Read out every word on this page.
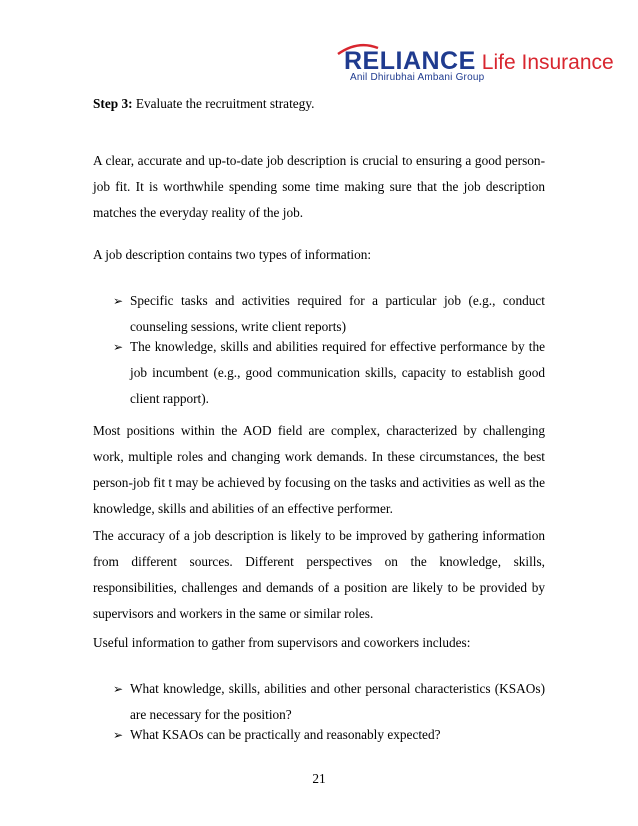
RELIANCE Life Insurance
Anil Dhirubhai Ambani Group
Step 3: Evaluate the recruitment strategy.
A clear, accurate and up-to-date job description is crucial to ensuring a good person-job fit. It is worthwhile spending some time making sure that the job description matches the everyday reality of the job.
A job description contains two types of information:
➢ Specific tasks and activities required for a particular job (e.g., conduct counseling sessions, write client reports)
➢ The knowledge, skills and abilities required for effective performance by the job incumbent (e.g., good communication skills, capacity to establish good client rapport).
Most positions within the AOD field are complex, characterized by challenging work, multiple roles and changing work demands. In these circumstances, the best person-job fit t may be achieved by focusing on the tasks and activities as well as the knowledge, skills and abilities of an effective performer.
The accuracy of a job description is likely to be improved by gathering information from different sources. Different perspectives on the knowledge, skills, responsibilities, challenges and demands of a position are likely to be provided by supervisors and workers in the same or similar roles.
Useful information to gather from supervisors and coworkers includes:
➢ What knowledge, skills, abilities and other personal characteristics (KSAOs) are necessary for the position?
➢ What KSAOs can be practically and reasonably expected?
21
